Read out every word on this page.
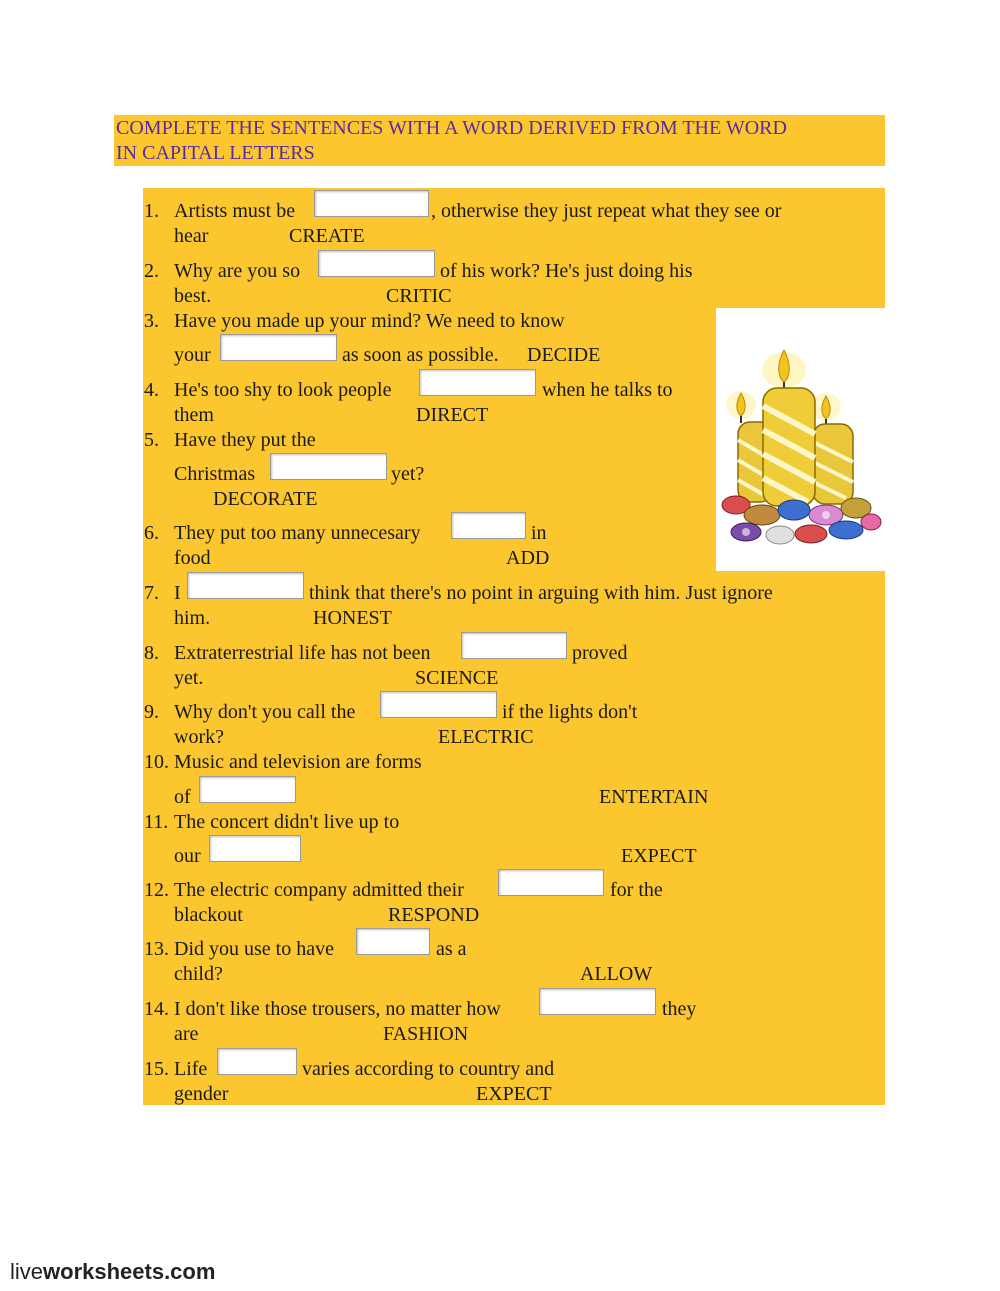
COMPLETE THE SENTENCES WITH A WORD DERIVED FROM THE WORD
IN CAPITAL LETTERS
1. Artists must be	, otherwise they just repeat what they see or
hear	CREATE
2. Why are you so	of his work? He's just doing his
best.	CRITIC
3. Have you made up your mind? We need to know
your	as soon as possible. DECIDE
4. He's too shy to look people	when he talks to
them	DIRECT
5. Have they put the
Christmas	yet?
DECORATE
6. They put too many unnecesary	in
food	ADD
7. I	think that there's no point in arguing with him. Just ignore
him.	HONEST
8. Extraterrestrial life has not been	proved
yet.	SCIENCE
9. Why don't you call the	if the lights don't
work?	ELECTRIC
10. Music and television are forms
of	ENTERTAIN
11. The concert didn't live up to
our	EXPECT
12. The electric company admitted their	for the
blackout	RESPOND
13. Did you use to have	as a
child?	ALLOW
14. I don't like those trousers, no matter how	they
are	FASHION
15. Life	varies according to country and
gender	EXPECT
liveworksheets.com
